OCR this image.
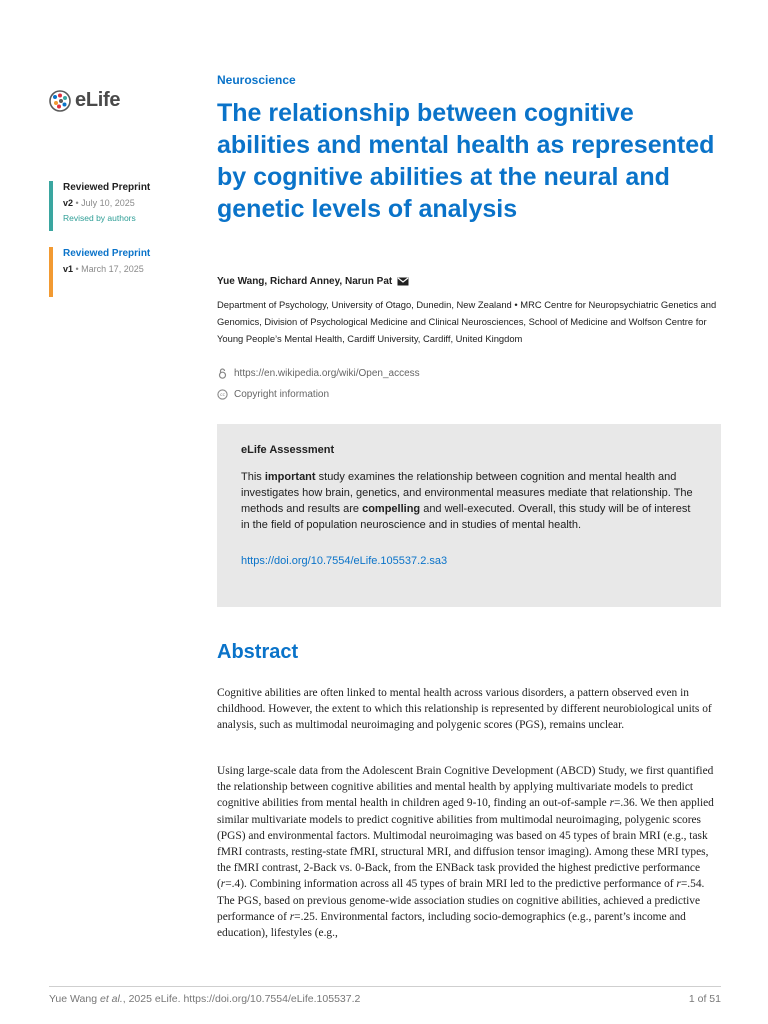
eLife
Reviewed Preprint
v2 • July 10, 2025
Revised by authors
Reviewed Preprint
v1 • March 17, 2025
Neuroscience
The relationship between cognitive abilities and mental health as represented by cognitive abilities at the neural and genetic levels of analysis
Yue Wang, Richard Anney, Narun Pat
Department of Psychology, University of Otago, Dunedin, New Zealand • MRC Centre for Neuropsychiatric Genetics and Genomics, Division of Psychological Medicine and Clinical Neurosciences, School of Medicine and Wolfson Centre for Young People’s Mental Health, Cardiff University, Cardiff, United Kingdom
https://en.wikipedia.org/wiki/Open_access
cc Copyright information
eLife Assessment

This important study examines the relationship between cognition and mental health and investigates how brain, genetics, and environmental measures mediate that relationship. The methods and results are compelling and well-executed. Overall, this study will be of interest in the field of population neuroscience and in studies of mental health.

https://doi.org/10.7554/eLife.105537.2.sa3
Abstract

Cognitive abilities are often linked to mental health across various disorders, a pattern observed even in childhood. However, the extent to which this relationship is represented by different neurobiological units of analysis, such as multimodal neuroimaging and polygenic scores (PGS), remains unclear.

Using large-scale data from the Adolescent Brain Cognitive Development (ABCD) Study, we first quantified the relationship between cognitive abilities and mental health by applying multivariate models to predict cognitive abilities from mental health in children aged 9-10, finding an out-of-sample r=.36. We then applied similar multivariate models to predict cognitive abilities from multimodal neuroimaging, polygenic scores (PGS) and environmental factors. Multimodal neuroimaging was based on 45 types of brain MRI (e.g., task fMRI contrasts, resting-state fMRI, structural MRI, and diffusion tensor imaging). Among these MRI types, the fMRI contrast, 2-Back vs. 0-Back, from the ENBack task provided the highest predictive performance (r=.4). Combining information across all 45 types of brain MRI led to the predictive performance of r=.54. The PGS, based on previous genome-wide association studies on cognitive abilities, achieved a predictive performance of r=.25. Environmental factors, including socio-demographics (e.g., parent’s income and education), lifestyles (e.g.,

Yue Wang et al., 2025 eLife. https://doi.org/10.7554/eLife.105537.2	1 of 51
